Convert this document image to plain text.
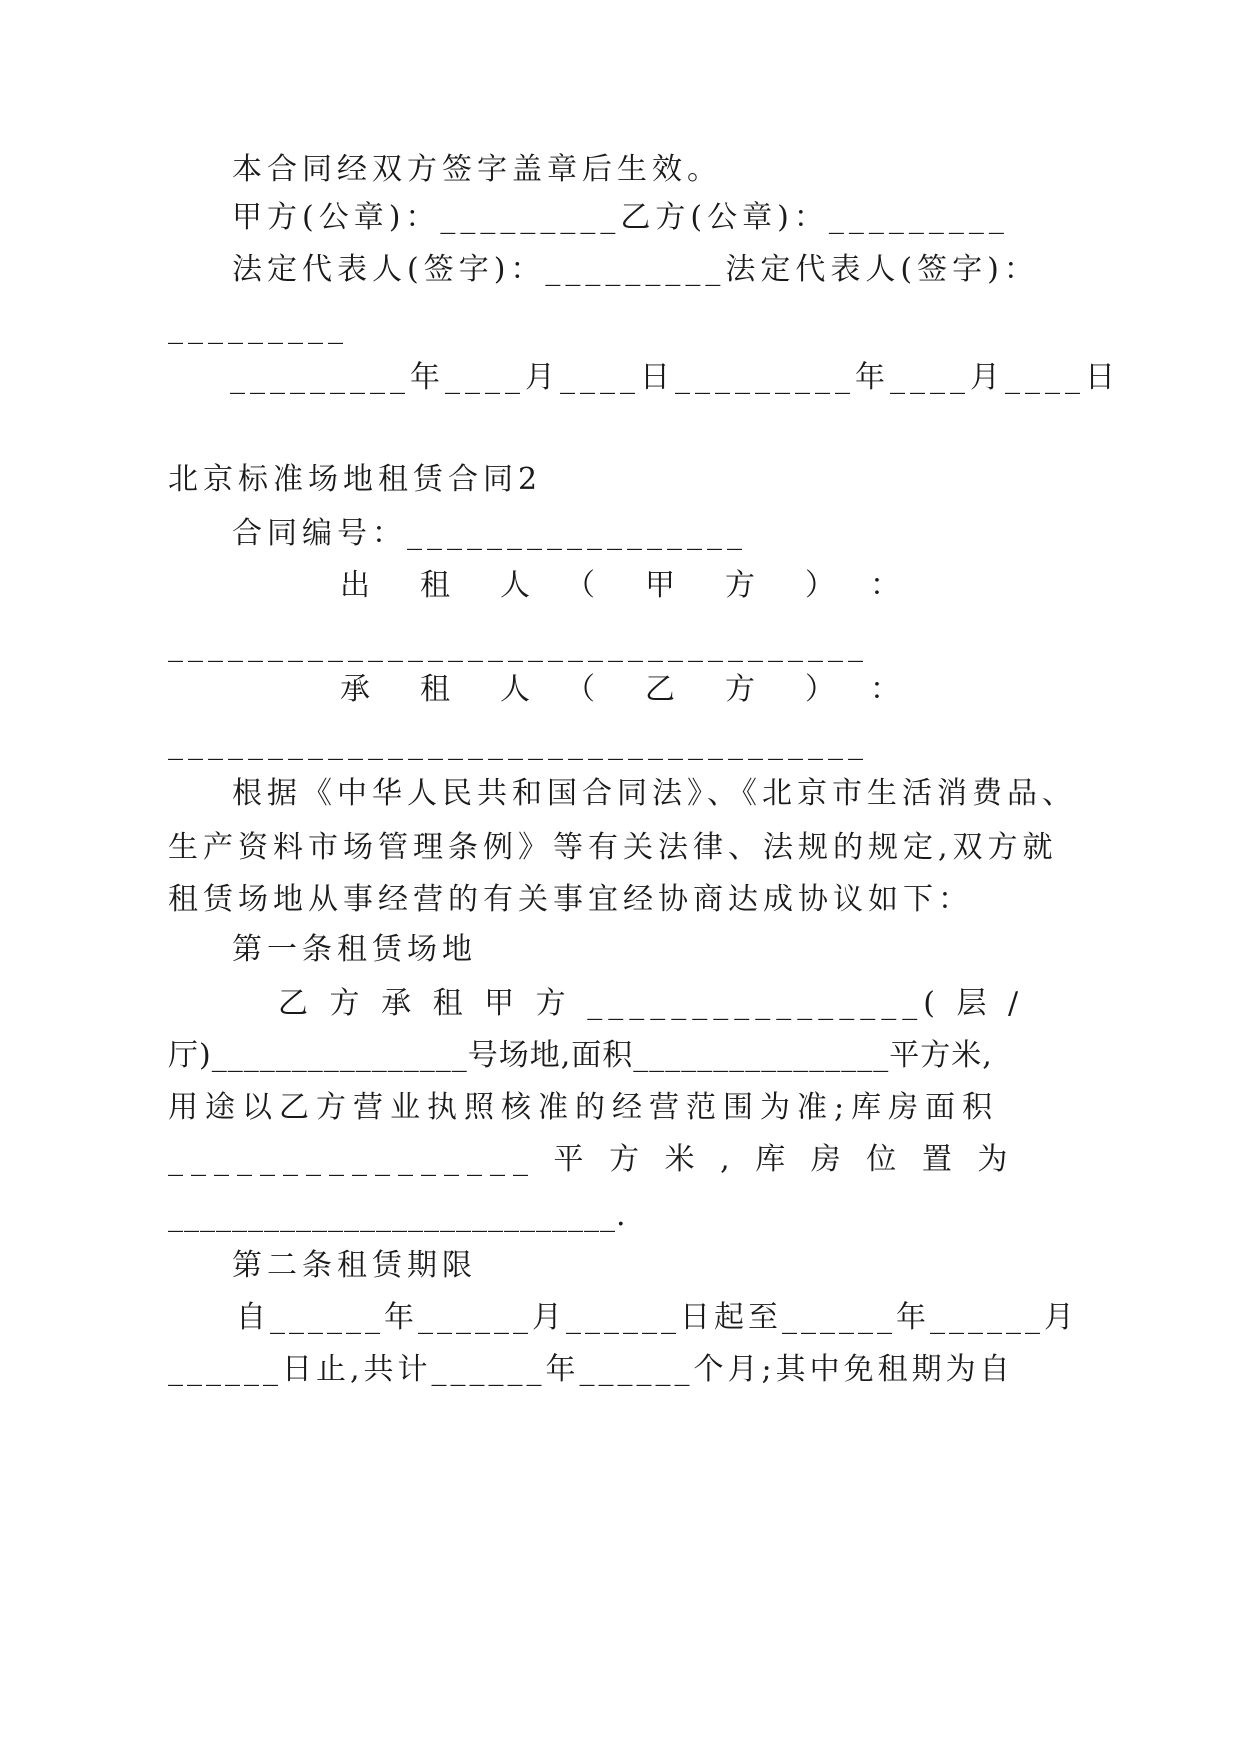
本合同经双方签字盖章后生效。
甲方(公章)：_________乙方(公章)：_________
法定代表人(签字)：_________法定代表人(签字)：
_________
_________年____月____日_________年____月____日
北京标准场地租赁合同2
合同编号：_________________
出　租　人　（　甲　方　）　：
___________________________________
承　租　人　（　乙　方　）　：
___________________________________
根据《中华人民共和国合同法》、《北京市生活消费品、
生产资料市场管理条例》等有关法律、法规的规定,双方就
租赁场地从事经营的有关事宜经协商达成协议如下：
第一条租赁场地
乙 方 承 租 甲 方 ________________( 层 /
厅)________________号场地,面积________________平方米,
用途以乙方营业执照核准的经营范围为准;库房面积
________________ 平 方 米 , 库 房 位 置 为
____________________________.
第二条租赁期限
自______年______月______日起至______年______月
______日止,共计______年______个月;其中免租期为自
